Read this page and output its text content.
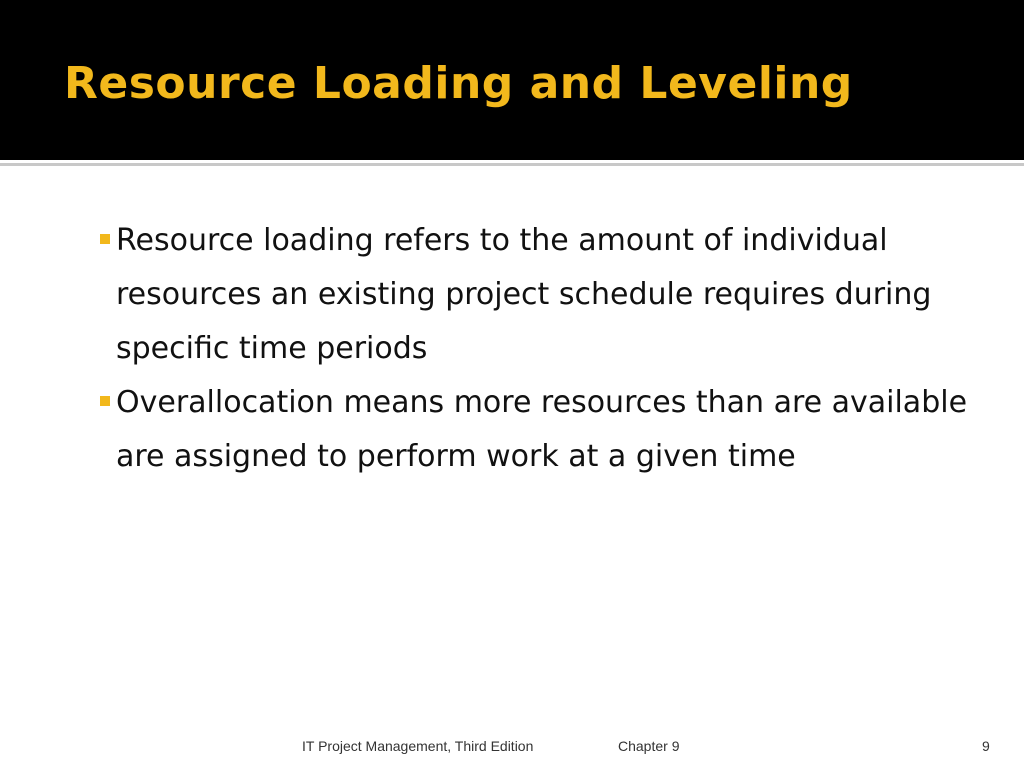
Resource Loading and Leveling
Resource loading refers to the amount of individual resources an existing project schedule requires during specific time periods
Overallocation means more resources than are available are assigned to perform work at a given time
IT Project Management, Third Edition	Chapter 9	9
